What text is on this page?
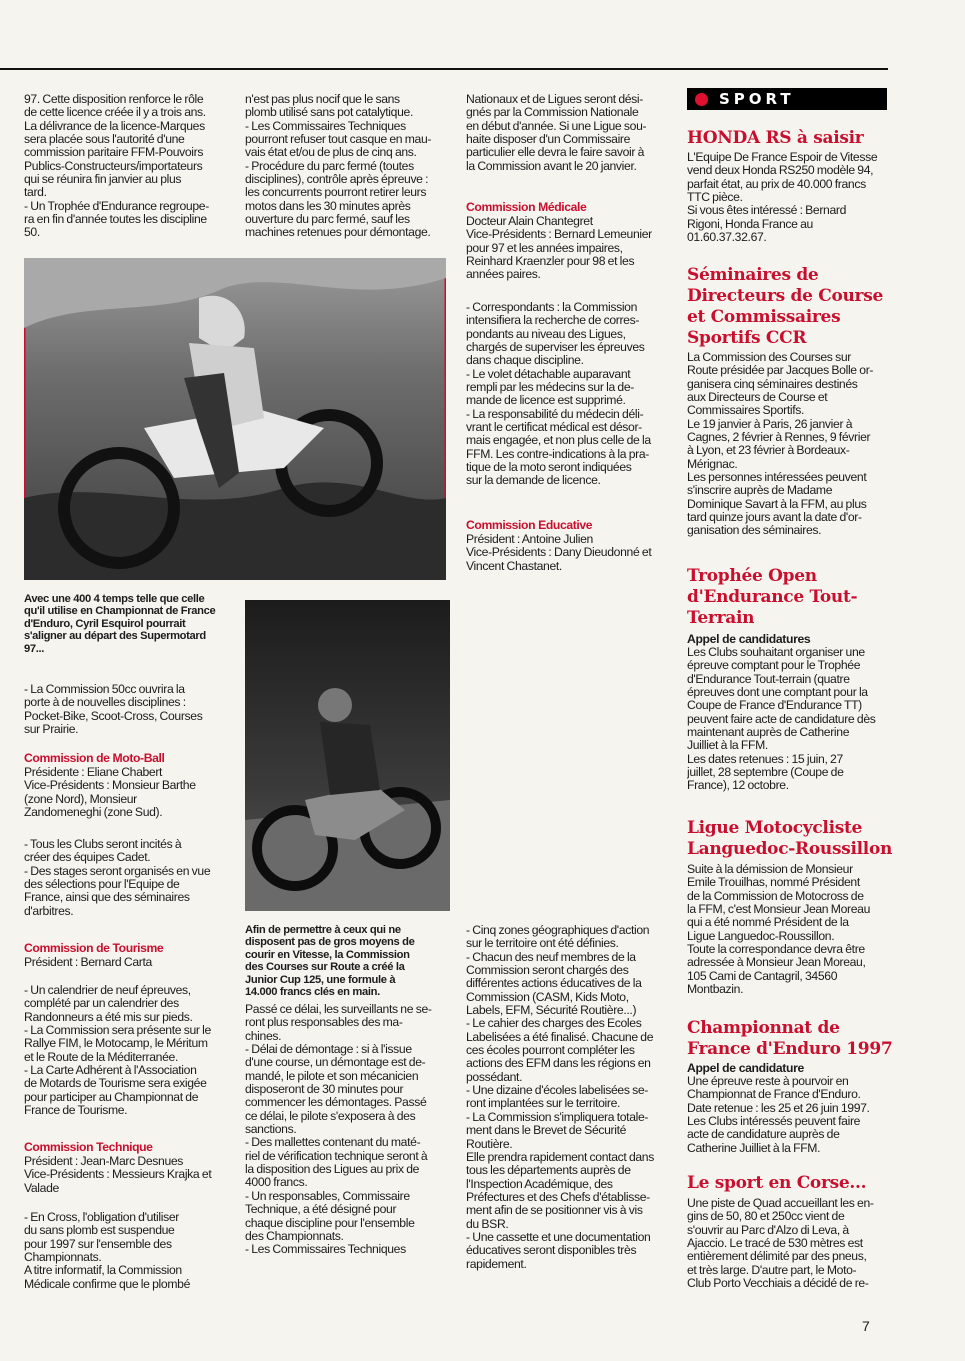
97. Cette disposition renforce le rôle
de cette licence créée il y a trois ans.
La délivrance de la licence-Marques
sera placée sous l'autorité d'une
commission paritaire FFM-Pouvoirs
Publics-Constructeurs/importateurs
qui se réunira fin janvier au plus
tard.
- Un Trophée d'Endurance regroupe-
ra en fin d'année toutes les discipline
50.

Avec une 400 4 temps telle que celle
qu'il utilise en Championnat de France
d'Enduro, Cyril Esquirol pourrait
s'aligner au départ des Supermotard
97...

- La Commission 50cc ouvrira la
porte à de nouvelles disciplines :
Pocket-Bike, Scoot-Cross, Courses
sur Prairie.

Commission de Moto-Ball

Présidente : Eliane Chabert
Vice-Présidents : Monsieur Barthe
(zone Nord), Monsieur
Zandomeneghi (zone Sud).

- Tous les Clubs seront incités à
créer des équipes Cadet.
- Des stages seront organisés en vue
des sélections pour l'Equipe de
France, ainsi que des séminaires
d'arbitres.

Commission de Tourisme

Président : Bernard Carta

- Un calendrier de neuf épreuves,
complété par un calendrier des
Randonneurs a été mis sur pieds.
- La Commission sera présente sur le
Rallye FIM, le Motocamp, le Méritum
et le Route de la Méditerranée.
- La Carte Adhérent à l'Association
de Motards de Tourisme sera exigée
pour participer au Championnat de
France de Tourisme.

Commission Technique

Président : Jean-Marc Desnues
Vice-Présidents : Messieurs Krajka et
Valade

- En Cross, l'obligation d'utiliser
du sans plomb est suspendue
pour 1997 sur l'ensemble des
Championnats.
A titre informatif, la Commission
Médicale confirme que le plombé

n'est pas plus nocif que le sans
plomb utilisé sans pot catalytique.
- Les Commissaires Techniques
pourront refuser tout casque en mau-
vais état et/ou de plus de cinq ans.
- Procédure du parc fermé (toutes
disciplines), contrôle après épreuve :
les concurrents pourront retirer leurs
motos dans les 30 minutes après
ouverture du parc fermé, sauf les
machines retenues pour démontage.

Afin de permettre à ceux qui ne
disposent pas de gros moyens de
courir en Vitesse, la Commission
des Courses sur Route a créé la
Junior Cup 125, une formule à
14.000 francs clés en main.

Passé ce délai, les surveillants ne se-
ront plus responsables des ma-
chines.
- Délai de démontage : si à l'issue
d'une course, un démontage est de-
mandé, le pilote et son mécanicien
disposeront de 30 minutes pour
commencer les démontages. Passé
ce délai, le pilote s'exposera à des
sanctions.
- Des mallettes contenant du maté-
riel de vérification technique seront à
la disposition des Ligues au prix de
4000 francs.
- Un responsables, Commissaire
Technique, a été désigné pour
chaque discipline pour l'ensemble
des Championnats.
- Les Commissaires Techniques

Nationaux et de Ligues seront dési-
gnés par la Commission Nationale
en début d'année. Si une Ligue sou-
haite disposer d'un Commissaire
particulier elle devra le faire savoir à
la Commission avant le 20 janvier.

Commission Médicale

Docteur Alain Chantegret
Vice-Présidents : Bernard Lemeunier
pour 97 et les années impaires,
Reinhard Kraenzler pour 98 et les
années paires.

- Correspondants : la Commission
intensifiera la recherche de corres-
pondants au niveau des Ligues,
chargés de superviser les épreuves
dans chaque discipline.
- Le volet détachable auparavant
rempli par les médecins sur la de-
mande de licence est supprimé.
- La responsabilité du médecin déli-
vrant le certificat médical est désor-
mais engagée, et non plus celle de la
FFM. Les contre-indications à la pra-
tique de la moto seront indiquées
sur la demande de licence.

Commission Educative

Président : Antoine Julien
Vice-Présidents : Dany Dieudonné et
Vincent Chastanet.

- Cinq zones géographiques d'action
sur le territoire ont été définies.
- Chacun des neuf membres de la
Commission seront chargés des
différentes actions éducatives de la
Commission (CASM, Kids Moto,
Labels, EFM, Sécurité Routière...)
- Le cahier des charges des Ecoles
Labelisées a été finalisé. Chacune de
ces écoles pourront compléter les
actions des EFM dans les régions en
possédant.
- Une dizaine d'écoles labelisées se-
ront implantées sur le territoire.
- La Commission s'impliquera totale-
ment dans le Brevet de Sécurité
Routière.
Elle prendra rapidement contact dans
tous les départements auprès de
l'Inspection Académique, des
Préfectures et des Chefs d'établisse-
ment afin de se positionner vis à vis
du BSR.
- Une cassette et une documentation
éducatives seront disponibles très
rapidement.

SPORT

HONDA RS à saisir

L'Equipe De France Espoir de Vitesse
vend deux Honda RS250 modèle 94,
parfait état, au prix de 40.000 francs
TTC pièce.
Si vous êtes intéressé : Bernard
Rigoni, Honda France au
01.60.37.32.67.

Séminaires de
Directeurs de Course
et Commissaires
Sportifs CCR

La Commission des Courses sur
Route présidée par Jacques Bolle or-
ganisera cinq séminaires destinés
aux Directeurs de Course et
Commissaires Sportifs.
Le 19 janvier à Paris, 26 janvier à
Cagnes, 2 février à Rennes, 9 février
à Lyon, et 23 février à Bordeaux-
Mérignac.
Les personnes intéressées peuvent
s'inscrire auprès de Madame
Dominique Savart à la FFM, au plus
tard quinze jours avant la date d'or-
ganisation des séminaires.

Trophée Open
d'Endurance Tout-
Terrain

Appel de candidatures

Les Clubs souhaitant organiser une
épreuve comptant pour le Trophée
d'Endurance Tout-terrain (quatre
épreuves dont une comptant pour la
Coupe de France d'Endurance TT)
peuvent faire acte de candidature dès
maintenant auprès de Catherine
Juilliet à la FFM.
Les dates retenues : 15 juin, 27
juillet, 28 septembre (Coupe de
France), 12 octobre.

Ligue Motocycliste
Languedoc-Roussillon

Suite à la démission de Monsieur
Emile Trouilhas, nommé Président
de la Commission de Motocross de
la FFM, c'est Monsieur Jean Moreau
qui a été nommé Président de la
Ligue Languedoc-Roussillon.
Toute la correspondance devra être
adressée à Monsieur Jean Moreau,
105 Cami de Cantagril, 34560
Montbazin.

Championnat de
France d'Enduro 1997

Appel de candidature

Une épreuve reste à pourvoir en
Championnat de France d'Enduro.
Date retenue : les 25 et 26 juin 1997.
Les Clubs intéressés peuvent faire
acte de candidature auprès de
Catherine Juilliet à la FFM.

Le sport en Corse...

Une piste de Quad accueillant les en-
gins de 50, 80 et 250cc vient de
s'ouvrir au Parc d'Alzo di Leva, à
Ajaccio. Le tracé de 530 mètres est
entièrement délimité par des pneus,
et très large. D'autre part, le Moto-
Club Porto Vecchiais a décidé de re-

7
